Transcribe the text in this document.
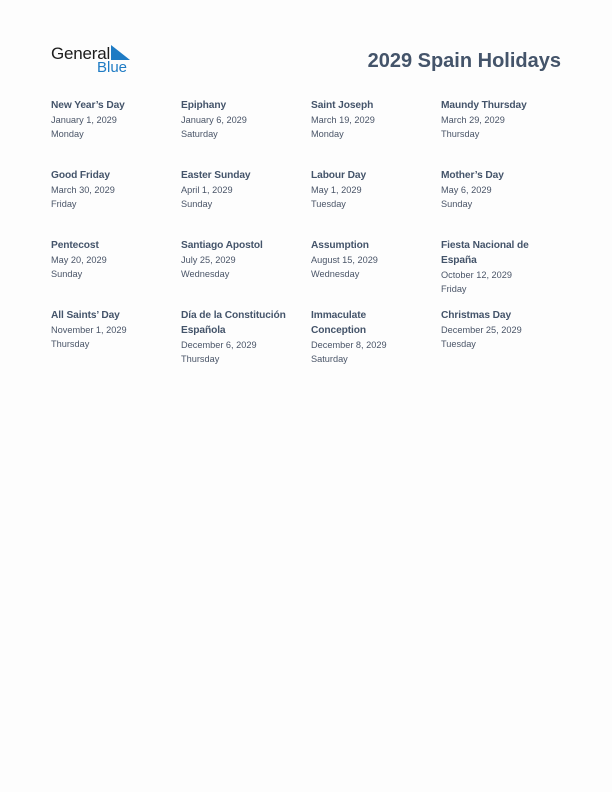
General
Blue	2029 Spain Holidays
New Year’s Day
January 1, 2029
Monday
Epiphany
January 6, 2029
Saturday
Saint Joseph
March 19, 2029
Monday
Maundy Thursday
March 29, 2029
Thursday
Good Friday
March 30, 2029
Friday
Easter Sunday
April 1, 2029
Sunday
Labour Day
May 1, 2029
Tuesday
Mother’s Day
May 6, 2029
Sunday
Pentecost
May 20, 2029
Sunday
Santiago Apostol
July 25, 2029
Wednesday
Assumption
August 15, 2029
Wednesday
Fiesta Nacional de España
October 12, 2029
Friday
All Saints’ Day
November 1, 2029
Thursday
Día de la Constitución Española
December 6, 2029
Thursday
Immaculate Conception
December 8, 2029
Saturday
Christmas Day
December 25, 2029
Tuesday
